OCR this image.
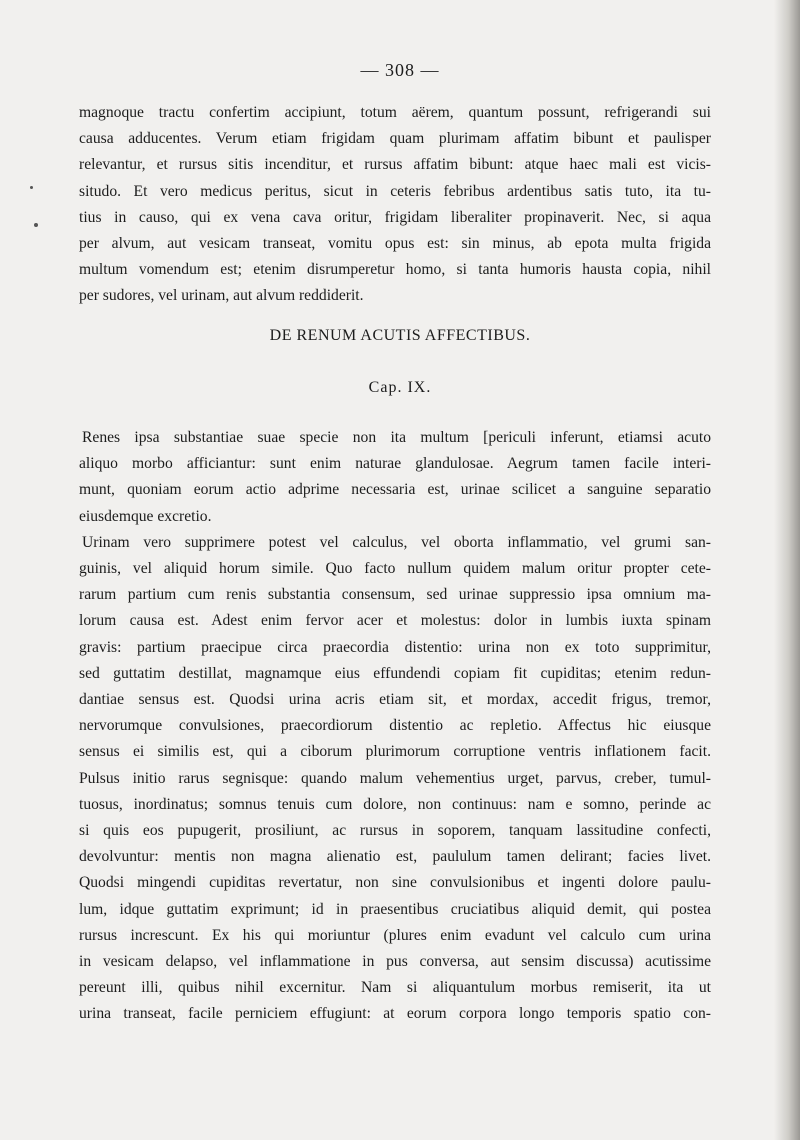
— 308 —
magnoque tractu confertim accipiunt, totum aërem, quantum possunt, refrigerandi sui
causa adducentes. Verum etiam frigidam quam plurimam affatim bibunt et paulisper
relevantur, et rursus sitis incenditur, et rursus affatim bibunt: atque haec mali est vicis-
situdo. Et vero medicus peritus, sicut in ceteris febribus ardentibus satis tuto, ita tu-
tius in causo, qui ex vena cava oritur, frigidam liberaliter propinaverit. Nec, si aqua
per alvum, aut vesicam transeat, vomitu opus est: sin minus, ab epota multa frigida
multum vomendum est; etenim disrumperetur homo, si tanta humoris hausta copia, nihil
per sudores, vel urinam, aut alvum reddiderit.
DE RENUM ACUTIS AFFECTIBUS.
Cap. IX.
Renes ipsa substantiae suae specie non ita multum [periculi inferunt, etiamsi acuto
aliquo morbo afficiantur: sunt enim naturae glandulosae. Aegrum tamen facile interi-
munt, quoniam eorum actio adprime necessaria est, urinae scilicet a sanguine separatio
eiusdemque excretio.
Urinam vero supprimere potest vel calculus, vel oborta inflammatio, vel grumi san-
guinis, vel aliquid horum simile. Quo facto nullum quidem malum oritur propter cete-
rarum partium cum renis substantia consensum, sed urinae suppressio ipsa omnium ma-
lorum causa est. Adest enim fervor acer et molestus: dolor in lumbis iuxta spinam
gravis: partium praecipue circa praecordia distentio: urina non ex toto supprimitur,
sed guttatim destillat, magnamque eius effundendi copiam fit cupiditas; etenim redun-
dantiae sensus est. Quodsi urina acris etiam sit, et mordax, accedit frigus, tremor,
nervorumque convulsiones, praecordiorum distentio ac repletio. Affectus hic eiusque
sensus ei similis est, qui a ciborum plurimorum corruptione ventris inflationem facit.
Pulsus initio rarus segnisque: quando malum vehementius urget, parvus, creber, tumul-
tuosus, inordinatus; somnus tenuis cum dolore, non continuus: nam e somno, perinde ac
si quis eos pupugerit, prosiliunt, ac rursus in soporem, tanquam lassitudine confecti,
devolvuntur: mentis non magna alienatio est, paululum tamen delirant; facies livet.
Quodsi mingendi cupiditas revertatur, non sine convulsionibus et ingenti dolore paulu-
lum, idque guttatim exprimunt; id in praesentibus cruciatibus aliquid demit, qui postea
rursus increscunt. Ex his qui moriuntur (plures enim evadunt vel calculo cum urina
in vesicam delapso, vel inflammatione in pus conversa, aut sensim discussa) acutissime
pereunt illi, quibus nihil excernitur. Nam si aliquantulum morbus remiserit, ita ut
urina transeat, facile perniciem effugiunt: at eorum corpora longo temporis spatio con-
